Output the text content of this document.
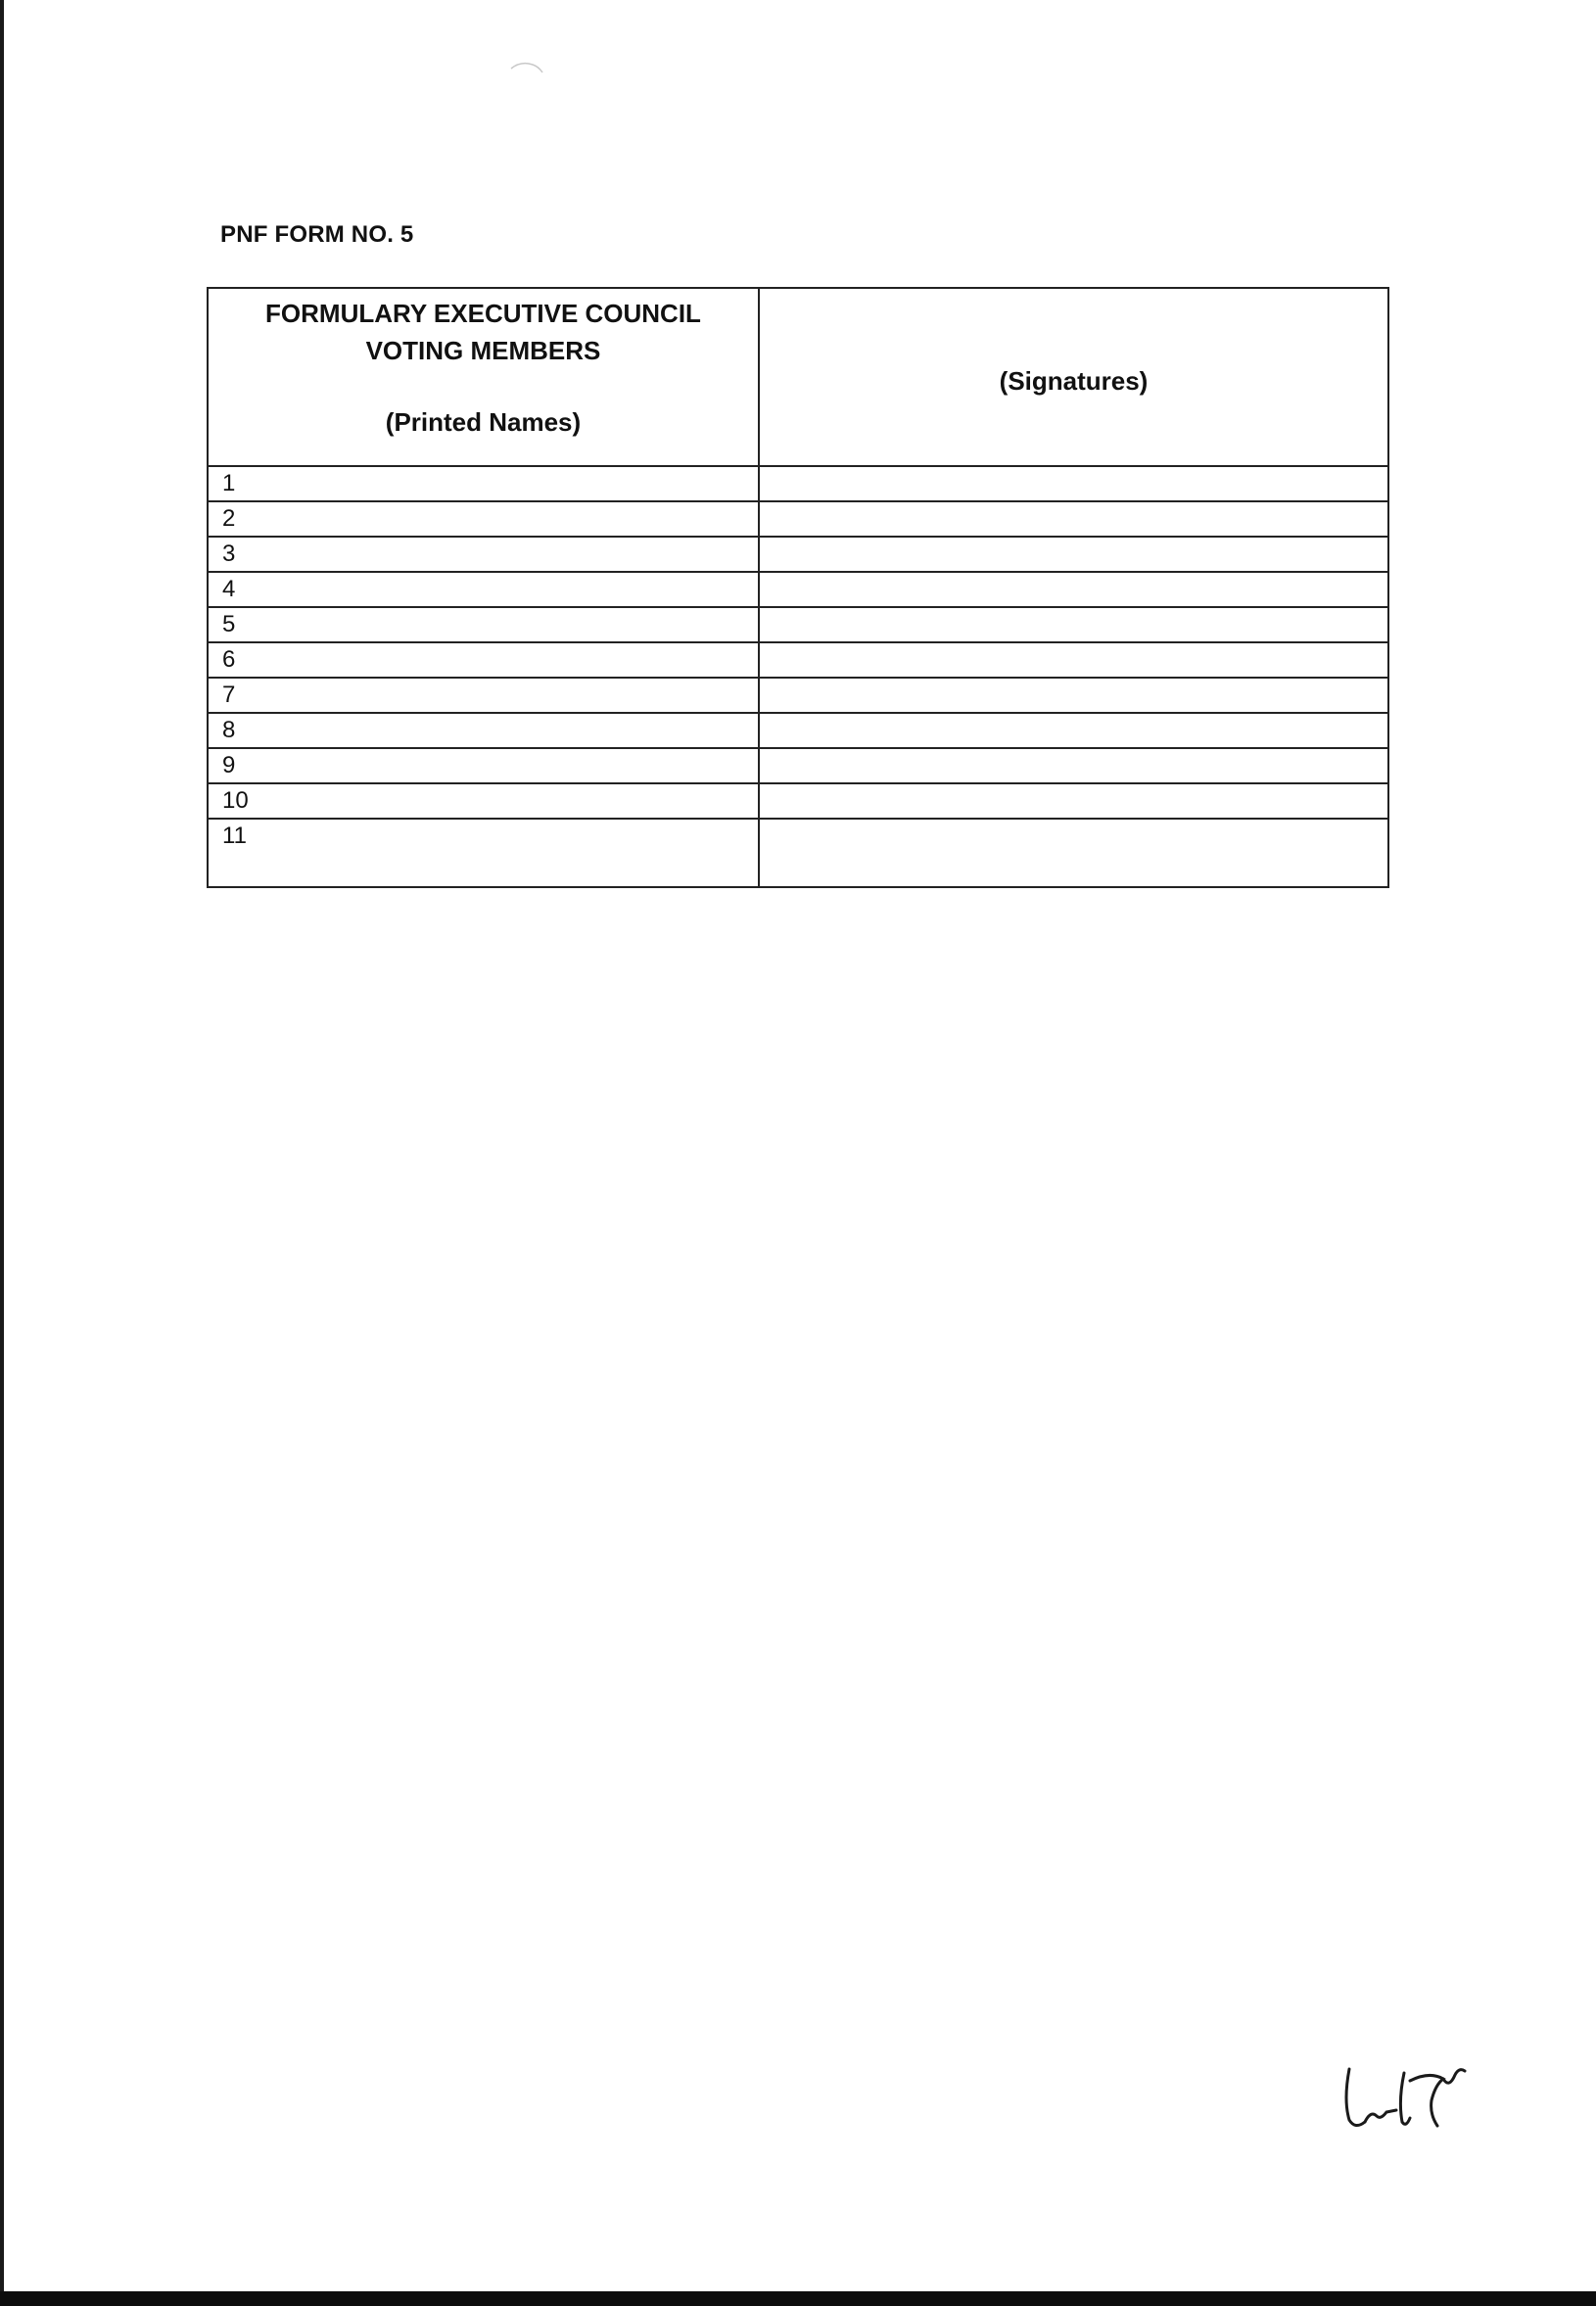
PNF FORM NO. 5
FORMULARY EXECUTIVE COUNCIL
VOTING MEMBERS
(Printed Names)	(Signatures)
1	
2	
3	
4	
5	
6	
7	
8	
9	
10	
11	
